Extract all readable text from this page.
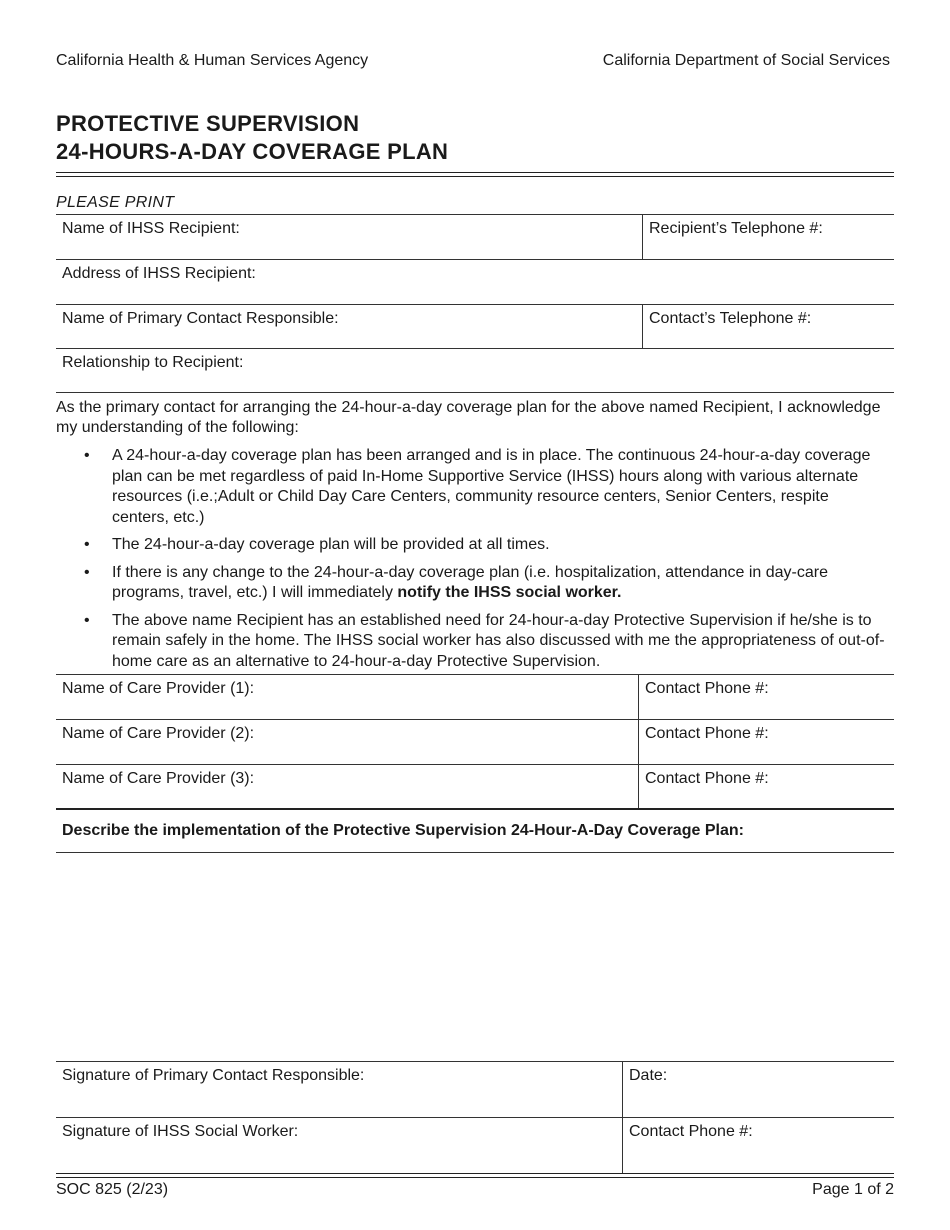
California Health & Human Services Agency	California Department of Social Services
PROTECTIVE SUPERVISION
24-HOURS-A-DAY COVERAGE PLAN
PLEASE PRINT
Name of IHSS Recipient:	Recipient’s Telephone #:
Address of IHSS Recipient:
Name of Primary Contact Responsible:	Contact’s Telephone #:
Relationship to Recipient:
As the primary contact for arranging the 24-hour-a-day coverage plan for the above named Recipient, I acknowledge my understanding of the following:
• A 24-hour-a-day coverage plan has been arranged and is in place. The continuous 24-hour-a-day coverage plan can be met regardless of paid In-Home Supportive Service (IHSS) hours along with various alternate resources (i.e.;Adult or Child Day Care Centers, community resource centers, Senior Centers, respite centers, etc.)
• The 24-hour-a-day coverage plan will be provided at all times.
• If there is any change to the 24-hour-a-day coverage plan (i.e. hospitalization, attendance in day-care programs, travel, etc.) I will immediately notify the IHSS social worker.
• The above name Recipient has an established need for 24-hour-a-day Protective Supervision if he/she is to remain safely in the home. The IHSS social worker has also discussed with me the appropriateness of out-of-home care as an alternative to 24-hour-a-day Protective Supervision.
Name of Care Provider (1):	Contact Phone #:
Name of Care Provider (2):	Contact Phone #:
Name of Care Provider (3):	Contact Phone #:
Describe the implementation of the Protective Supervision 24-Hour-A-Day Coverage Plan:
Signature of Primary Contact Responsible:	Date:
Signature of IHSS Social Worker:	Contact Phone #:
SOC 825 (2/23)	Page 1 of 2
